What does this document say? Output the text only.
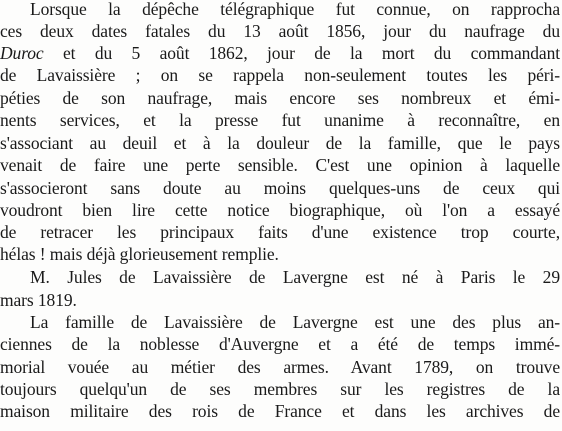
Lorsque la dépêche télégraphique fut connue, on rapprocha
ces deux dates fatales du 13 août 1856, jour du naufrage du
Duroc et du 5 août 1862, jour de la mort du commandant
de Lavaissière ; on se rappela non-seulement toutes les péri-
péties de son naufrage, mais encore ses nombreux et émi-
nents services, et la presse fut unanime à reconnaître, en
s'associant au deuil et à la douleur de la famille, que le pays
venait de faire une perte sensible. C'est une opinion à laquelle
s'associeront sans doute au moins quelques-uns de ceux qui
voudront bien lire cette notice biographique, où l'on a essayé
de retracer les principaux faits d'une existence trop courte,
hélas ! mais déjà glorieusement remplie.
M. Jules de Lavaissière de Lavergne est né à Paris le 29
mars 1819.
La famille de Lavaissière de Lavergne est une des plus an-
ciennes de la noblesse d'Auvergne et a été de temps immé-
morial vouée au métier des armes. Avant 1789, on trouve
toujours quelqu'un de ses membres sur les registres de la
maison militaire des rois de France et dans les archives de
